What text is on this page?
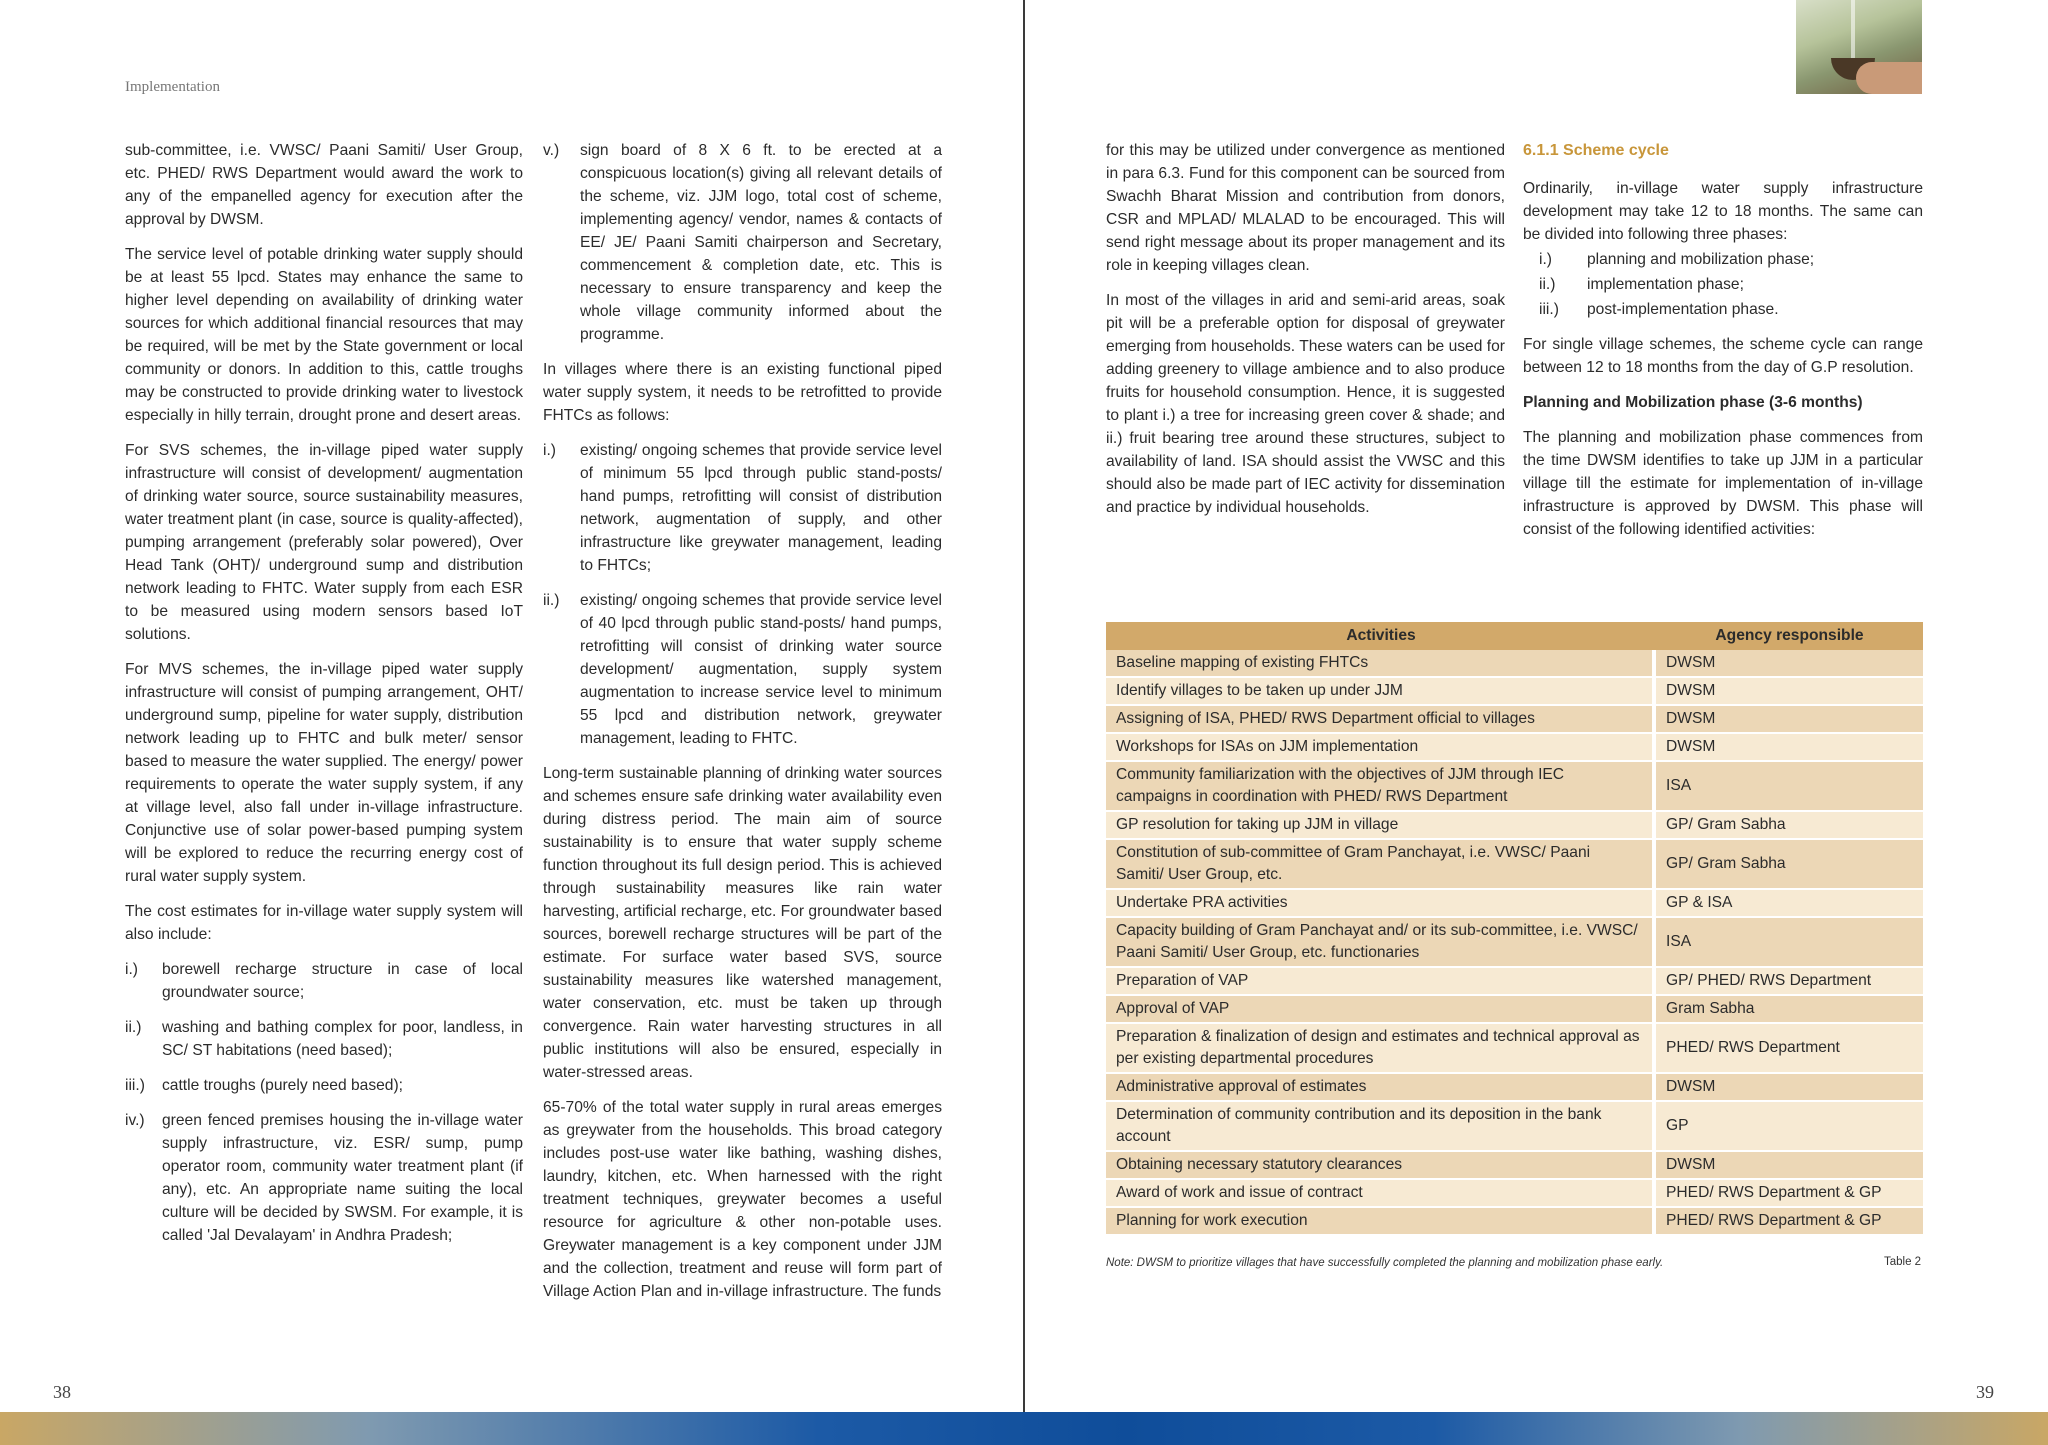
Implementation

sub-committee, i.e. VWSC/ Paani Samiti/ User Group, etc. PHED/ RWS Department would award the work to any of the empanelled agency for execution after the approval by DWSM.

The service level of potable drinking water supply should be at least 55 lpcd. States may enhance the same to higher level depending on availability of drinking water sources for which additional financial resources that may be required, will be met by the State government or local community or donors. In addition to this, cattle troughs may be constructed to provide drinking water to livestock especially in hilly terrain, drought prone and desert areas.

For SVS schemes, the in-village piped water supply infrastructure will consist of development/ augmentation of drinking water source, source sustainability measures, water treatment plant (in case, source is quality-affected), pumping arrangement (preferably solar powered), Over Head Tank (OHT)/ underground sump and distribution network leading to FHTC. Water supply from each ESR to be measured using modern sensors based IoT solutions.

For MVS schemes, the in-village piped water supply infrastructure will consist of pumping arrangement, OHT/ underground sump, pipeline for water supply, distribution network leading up to FHTC and bulk meter/ sensor based to measure the water supplied. The energy/ power requirements to operate the water supply system, if any at village level, also fall under in-village infrastructure. Conjunctive use of solar power-based pumping system will be explored to reduce the recurring energy cost of rural water supply system.

The cost estimates for in-village water supply system will also include:

i.)	borewell recharge structure in case of local groundwater source;
ii.)	washing and bathing complex for poor, landless, in SC/ ST habitations (need based);
iii.)	cattle troughs (purely need based);
iv.)	green fenced premises housing the in-village water supply infrastructure, viz. ESR/ sump, pump operator room, community water treatment plant (if any), etc. An appropriate name suiting the local culture will be decided by SWSM. For example, it is called 'Jal Devalayam' in Andhra Pradesh;
v.)	sign board of 8 X 6 ft. to be erected at a conspicuous location(s) giving all relevant details of the scheme, viz. JJM logo, total cost of scheme, implementing agency/ vendor, names & contacts of EE/ JE/ Paani Samiti chairperson and Secretary, commencement & completion date, etc. This is necessary to ensure transparency and keep the whole village community informed about the programme.

In villages where there is an existing functional piped water supply system, it needs to be retrofitted to provide FHTCs as follows:

i.)	existing/ ongoing schemes that provide service level of minimum 55 lpcd through public stand-posts/ hand pumps, retrofitting will consist of distribution network, augmentation of supply, and other infrastructure like greywater management, leading to FHTCs;
ii.)	existing/ ongoing schemes that provide service level of 40 lpcd through public stand-posts/ hand pumps, retrofitting will consist of drinking water source development/ augmentation, supply system augmentation to increase service level to minimum 55 lpcd and distribution network, greywater management, leading to FHTC.

Long-term sustainable planning of drinking water sources and schemes ensure safe drinking water availability even during distress period. The main aim of source sustainability is to ensure that water supply scheme function throughout its full design period. This is achieved through sustainability measures like rain water harvesting, artificial recharge, etc. For groundwater based sources, borewell recharge structures will be part of the estimate. For surface water based SVS, source sustainability measures like watershed management, water conservation, etc. must be taken up through convergence. Rain water harvesting structures in all public institutions will also be ensured, especially in water-stressed areas.

65-70% of the total water supply in rural areas emerges as greywater from the households. This broad category includes post-use water like bathing, washing dishes, laundry, kitchen, etc. When harnessed with the right treatment techniques, greywater becomes a useful resource for agriculture & other non-potable uses. Greywater management is a key component under JJM and the collection, treatment and reuse will form part of Village Action Plan and in-village infrastructure. The funds

38	39

for this may be utilized under convergence as mentioned in para 6.3. Fund for this component can be sourced from Swachh Bharat Mission and contribution from donors, CSR and MPLAD/ MLALAD to be encouraged. This will send right message about its proper management and its role in keeping villages clean.

In most of the villages in arid and semi-arid areas, soak pit will be a preferable option for disposal of greywater emerging from households. These waters can be used for adding greenery to village ambience and to also produce fruits for household consumption. Hence, it is suggested to plant i.) a tree for increasing green cover & shade; and ii.) fruit bearing tree around these structures, subject to availability of land. ISA should assist the VWSC and this should also be made part of IEC activity for dissemination and practice by individual households.

6.1.1 Scheme cycle

Ordinarily, in-village water supply infrastructure development may take 12 to 18 months. The same can be divided into following three phases:

i.)	planning and mobilization phase;
ii.)	implementation phase;
iii.)	post-implementation phase.

For single village schemes, the scheme cycle can range between 12 to 18 months from the day of G.P resolution.

Planning and Mobilization phase (3-6 months)

The planning and mobilization phase commences from the time DWSM identifies to take up JJM in a particular village till the estimate for implementation of in-village infrastructure is approved by DWSM. This phase will consist of the following identified activities:

Activities	Agency responsible
Baseline mapping of existing FHTCs	DWSM
Identify villages to be taken up under JJM	DWSM
Assigning of ISA, PHED/ RWS Department official to villages	DWSM
Workshops for ISAs on JJM implementation	DWSM
Community familiarization with the objectives of JJM through IEC campaigns in coordination with PHED/ RWS Department	ISA
GP resolution for taking up JJM in village	GP/ Gram Sabha
Constitution of sub-committee of Gram Panchayat, i.e. VWSC/ Paani Samiti/ User Group, etc.	GP/ Gram Sabha
Undertake PRA activities	GP & ISA
Capacity building of Gram Panchayat and/ or its sub-committee, i.e. VWSC/ Paani Samiti/ User Group, etc. functionaries	ISA
Preparation of VAP	GP/ PHED/ RWS Department
Approval of VAP	Gram Sabha
Preparation & finalization of design and estimates and technical approval as per existing departmental procedures	PHED/ RWS Department
Administrative approval of estimates	DWSM
Determination of community contribution and its deposition in the bank account	GP
Obtaining necessary statutory clearances	DWSM
Award of work and issue of contract	PHED/ RWS Department & GP
Planning for work execution	PHED/ RWS Department & GP
Note: DWSM to prioritize villages that have successfully completed the planning and mobilization phase early.	Table 2
